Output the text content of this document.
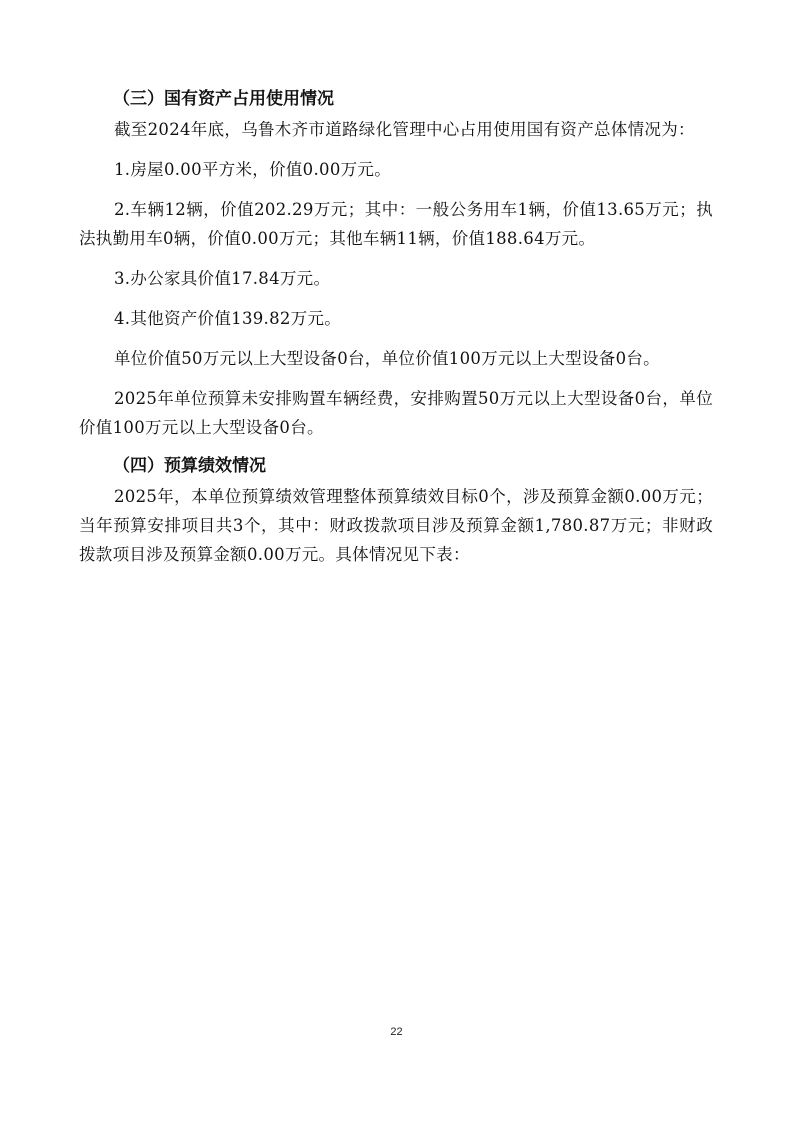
（三）国有资产占用使用情况

截至2024年底，乌鲁木齐市道路绿化管理中心占用使用国有资产总体情况为：

1.房屋0.00平方米，价值0.00万元。

2.车辆12辆，价值202.29万元；其中：一般公务用车1辆，价值13.65万元；执法执勤用车0辆，价值0.00万元；其他车辆11辆，价值188.64万元。

3.办公家具价值17.84万元。

4.其他资产价值139.82万元。

单位价值50万元以上大型设备0台，单位价值100万元以上大型设备0台。

2025年单位预算未安排购置车辆经费，安排购置50万元以上大型设备0台，单位价值100万元以上大型设备0台。

（四）预算绩效情况

2025年，本单位预算绩效管理整体预算绩效目标0个，涉及预算金额0.00万元；当年预算安排项目共3个，其中：财政拨款项目涉及预算金额1,780.87万元；非财政拨款项目涉及预算金额0.00万元。具体情况见下表：

22
